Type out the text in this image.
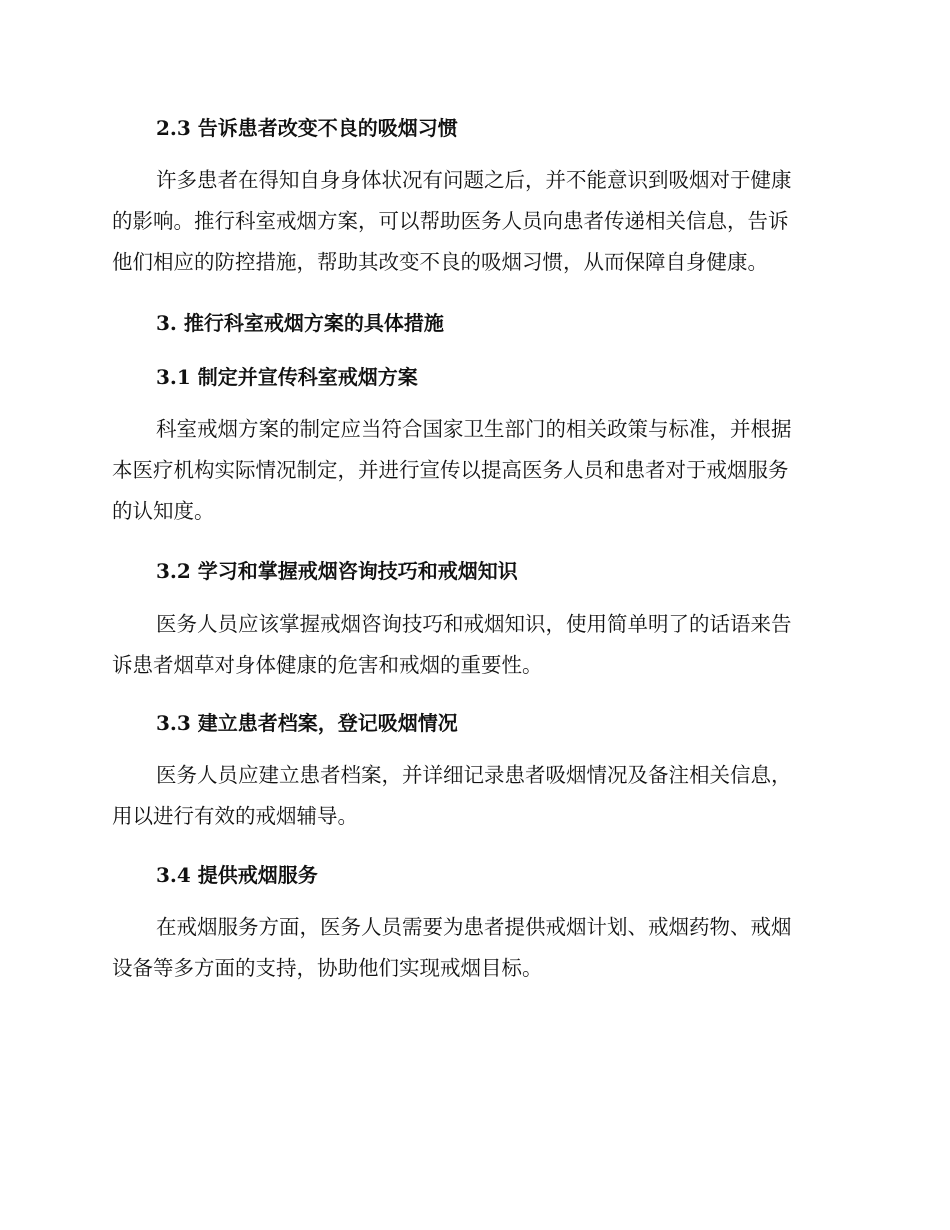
2.3 告诉患者改变不良的吸烟习惯
许多患者在得知自身身体状况有问题之后，并不能意识到吸烟对于健康
的影响。推行科室戒烟方案，可以帮助医务人员向患者传递相关信息，告诉
他们相应的防控措施，帮助其改变不良的吸烟习惯，从而保障自身健康。
3. 推行科室戒烟方案的具体措施
3.1 制定并宣传科室戒烟方案
科室戒烟方案的制定应当符合国家卫生部门的相关政策与标准，并根据
本医疗机构实际情况制定，并进行宣传以提高医务人员和患者对于戒烟服务
的认知度。
3.2 学习和掌握戒烟咨询技巧和戒烟知识
医务人员应该掌握戒烟咨询技巧和戒烟知识，使用简单明了的话语来告
诉患者烟草对身体健康的危害和戒烟的重要性。
3.3 建立患者档案，登记吸烟情况
医务人员应建立患者档案，并详细记录患者吸烟情况及备注相关信息，
用以进行有效的戒烟辅导。
3.4 提供戒烟服务
在戒烟服务方面，医务人员需要为患者提供戒烟计划、戒烟药物、戒烟
设备等多方面的支持，协助他们实现戒烟目标。
